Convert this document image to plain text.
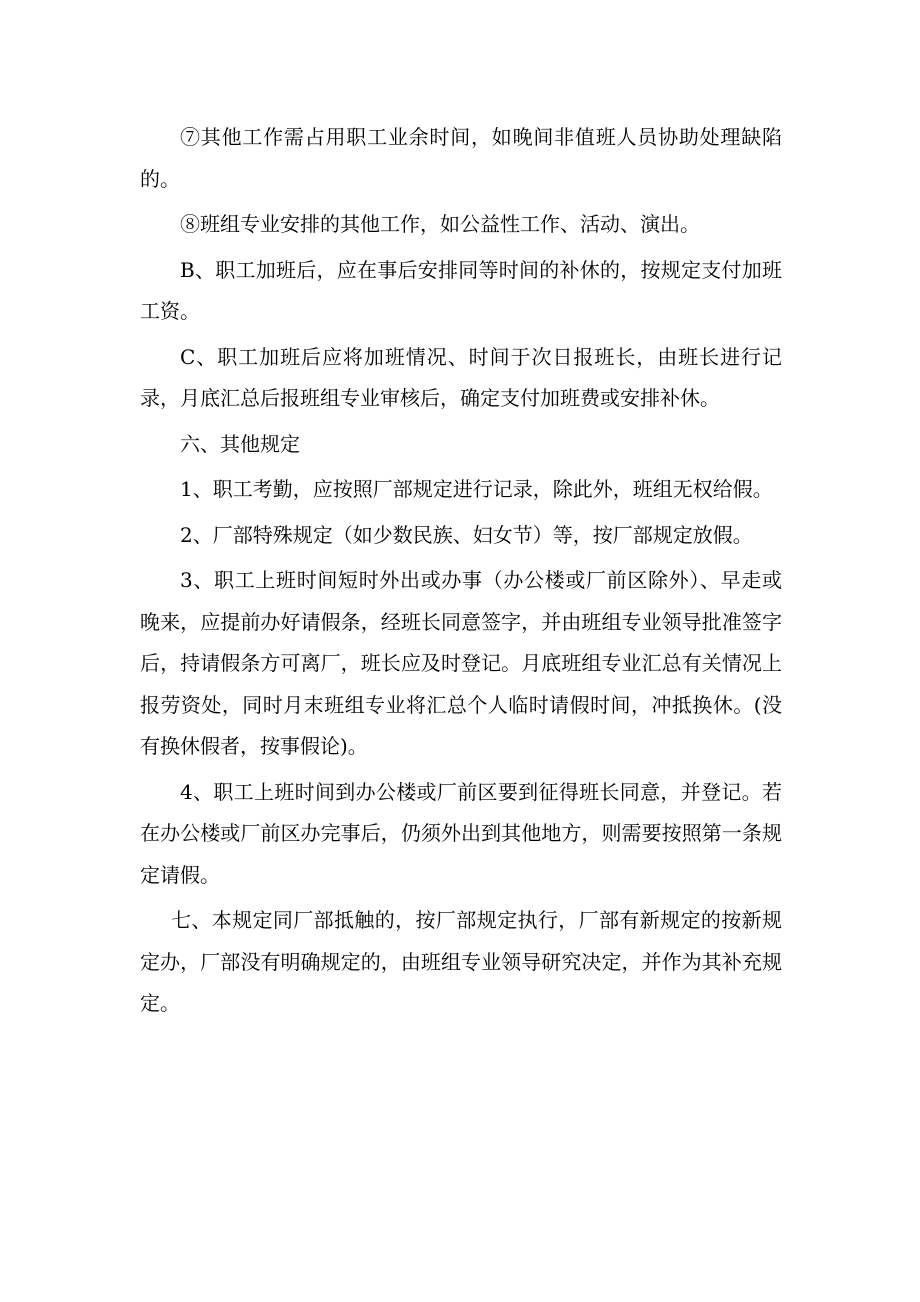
⑦其他工作需占用职工业余时间，如晚间非值班人员协助处理缺陷的。

⑧班组专业安排的其他工作，如公益性工作、活动、演出。

B、职工加班后，应在事后安排同等时间的补休的，按规定支付加班工资。

C、职工加班后应将加班情况、时间于次日报班长，由班长进行记录，月底汇总后报班组专业审核后，确定支付加班费或安排补休。

六、其他规定

1、职工考勤，应按照厂部规定进行记录，除此外，班组无权给假。

2、厂部特殊规定（如少数民族、妇女节）等，按厂部规定放假。

3、职工上班时间短时外出或办事（办公楼或厂前区除外）、早走或晚来，应提前办好请假条，经班长同意签字，并由班组专业领导批准签字后，持请假条方可离厂，班长应及时登记。月底班组专业汇总有关情况上报劳资处，同时月末班组专业将汇总个人临时请假时间，冲抵换休。(没有换休假者，按事假论)。

4、职工上班时间到办公楼或厂前区要到征得班长同意，并登记。若在办公楼或厂前区办完事后，仍须外出到其他地方，则需要按照第一条规定请假。

七、本规定同厂部抵触的，按厂部规定执行，厂部有新规定的按新规定办，厂部没有明确规定的，由班组专业领导研究决定，并作为其补充规定。
